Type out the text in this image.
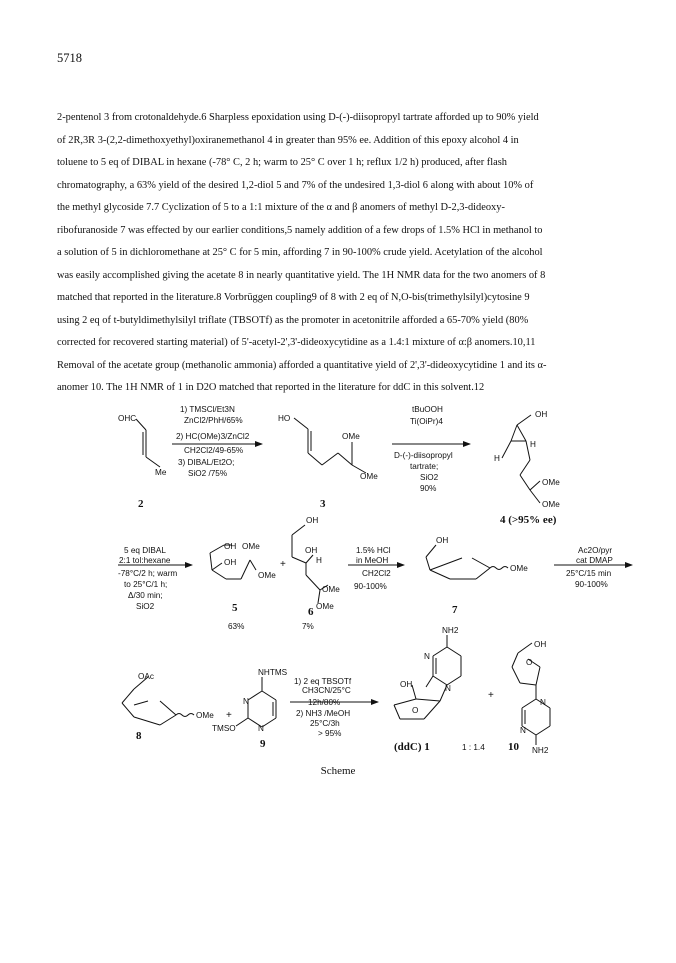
5718

2-pentenol 3 from crotonaldehyde.6 Sharpless epoxidation using D-(-)-diisopropyl tartrate afforded up to 90% yield

of 2R,3R 3-(2,2-dimethoxyethyl)oxiranemethanol 4 in greater than 95% ee. Addition of this epoxy alcohol 4 in

toluene to 5 eq of DIBAL in hexane (-78° C, 2 h; warm to 25° C over 1 h; reflux 1/2 h) produced, after flash

chromatography, a 63% yield of the desired 1,2-diol 5 and 7% of the undesired 1,3-diol 6 along with about 10% of

the methyl glycoside 7.7 Cyclization of 5 to a 1:1 mixture of the α and β anomers of methyl D-2,3-dideoxy-

ribofuranoside 7 was effected by our earlier conditions,5 namely addition of a few drops of 1.5% HCl in methanol to

a solution of 5 in dichloromethane at 25° C for 5 min, affording 7 in 90-100% crude yield. Acetylation of the alcohol

was easily accomplished giving the acetate 8 in nearly quantitative yield. The 1H NMR data for the two anomers of 8

matched that reported in the literature.8 Vorbrüggen coupling9 of 8 with 2 eq of N,O-bis(trimethylsilyl)cytosine 9

using 2 eq of t-butyldimethylsilyl triflate (TBSOTf) as the promoter in acetonitrile afforded a 65-70% yield (80%

corrected for recovered starting material) of 5'-acetyl-2',3'-dideoxycytidine as a 1.4:1 mixture of α:β anomers.10,11

Removal of the acetate group (methanolic ammonia) afforded a quantitative yield of 2',3'-dideoxycytidine 1 and its α-

anomer 10. The 1H NMR of 1 in D2O matched that reported in the literature for ddC in this solvent.12

OHC
Me
2
1) TMSCl/Et3N
ZnCl2/PhH/65%
2) HC(OMe)3/ZnCl2
CH2Cl2/49-65%
3) DIBAL/Et2O;
SiO2 /75%
HO
OMe
OMe
3
tBuOOH
Ti(OiPr)4
D-(-)-diisopropyl
tartrate;
SiO2
90%
OH
H
H
OMe
OMe
4 (>95% ee)
5 eq DIBAL
2:1 tol:hexane
-78°C/2 h; warm
to 25°C/1 h;
Δ/30 min;
SiO2
OH
OH
OMe
OMe
5
63%
+
OH
OH
H
OMe
OMe
6
7%
1.5% HCl
in MeOH
CH2Cl2
90-100%
OH
OMe
7
Ac2O/pyr
cat DMAP
25°C/15 min
90-100%
OAc
OMe
8
+
NHTMS
TMSO
N
N
9
1) 2 eq TBSOTf
CH3CN/25°C
12h/80%
2) NH3 /MeOH
25°C/3h
> 95%
NH2
N
N
OH
O
(ddC) 1
+
1 : 1.4
OH
O
N
N
10 NH2
Scheme
